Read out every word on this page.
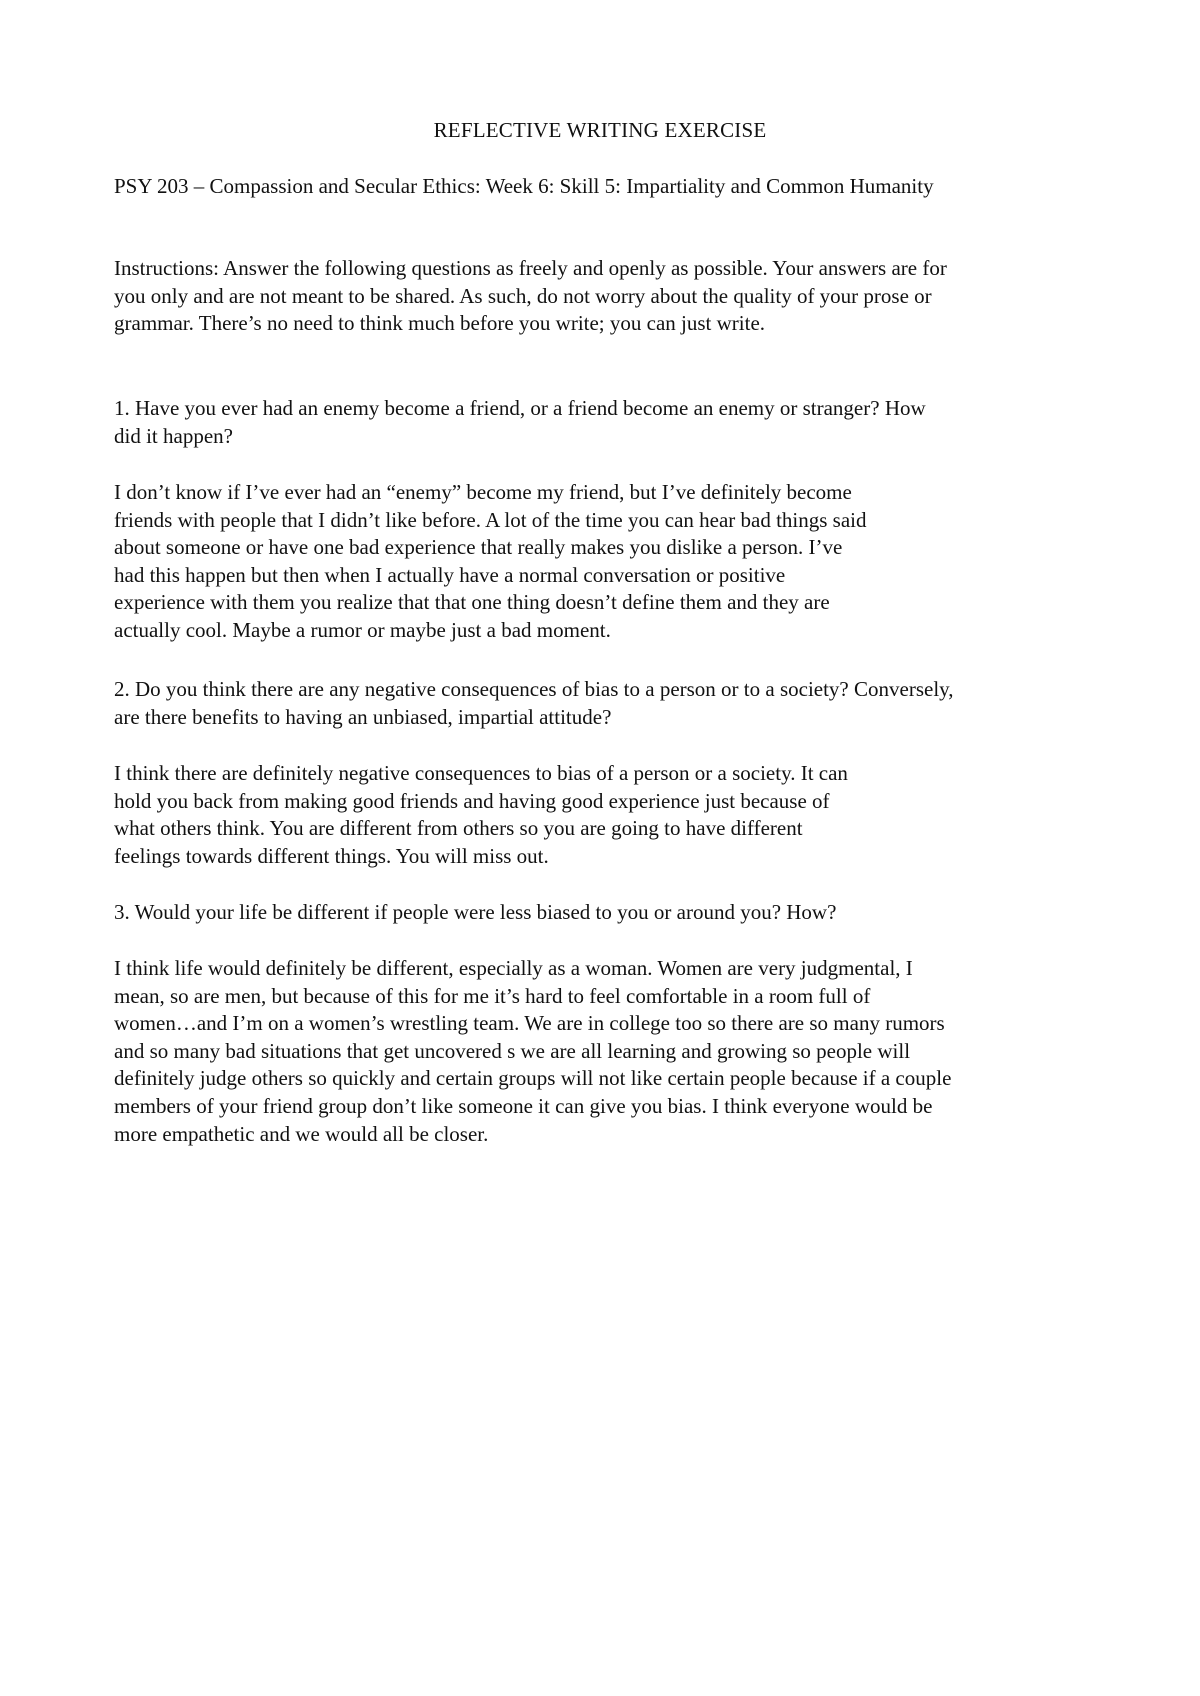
REFLECTIVE WRITING EXERCISE
PSY 203 – Compassion and Secular Ethics: Week 6: Skill 5: Impartiality and Common Humanity
Instructions: Answer the following questions as freely and openly as possible. Your answers are for
you only and are not meant to be shared. As such, do not worry about the quality of your prose or
grammar. There’s no need to think much before you write; you can just write.
1. Have you ever had an enemy become a friend, or a friend become an enemy or stranger? How
did it happen?
I don’t know if I’ve ever had an “enemy” become my friend, but I’ve definitely become
friends with people that I didn’t like before. A lot of the time you can hear bad things said
about someone or have one bad experience that really makes you dislike a person. I’ve
had this happen but then when I actually have a normal conversation or positive
experience with them you realize that that one thing doesn’t define them and they are
actually cool. Maybe a rumor or maybe just a bad moment.
2. Do you think there are any negative consequences of bias to a person or to a society? Conversely,
are there benefits to having an unbiased, impartial attitude?
I think there are definitely negative consequences to bias of a person or a society. It can
hold you back from making good friends and having good experience just because of
what others think. You are different from others so you are going to have different
feelings towards different things. You will miss out.
3. Would your life be different if people were less biased to you or around you? How?
I think life would definitely be different, especially as a woman. Women are very judgmental, I
mean, so are men, but because of this for me it’s hard to feel comfortable in a room full of
women…and I’m on a women’s wrestling team. We are in college too so there are so many rumors
and so many bad situations that get uncovered s we are all learning and growing so people will
definitely judge others so quickly and certain groups will not like certain people because if a couple
members of your friend group don’t like someone it can give you bias. I think everyone would be
more empathetic and we would all be closer.
